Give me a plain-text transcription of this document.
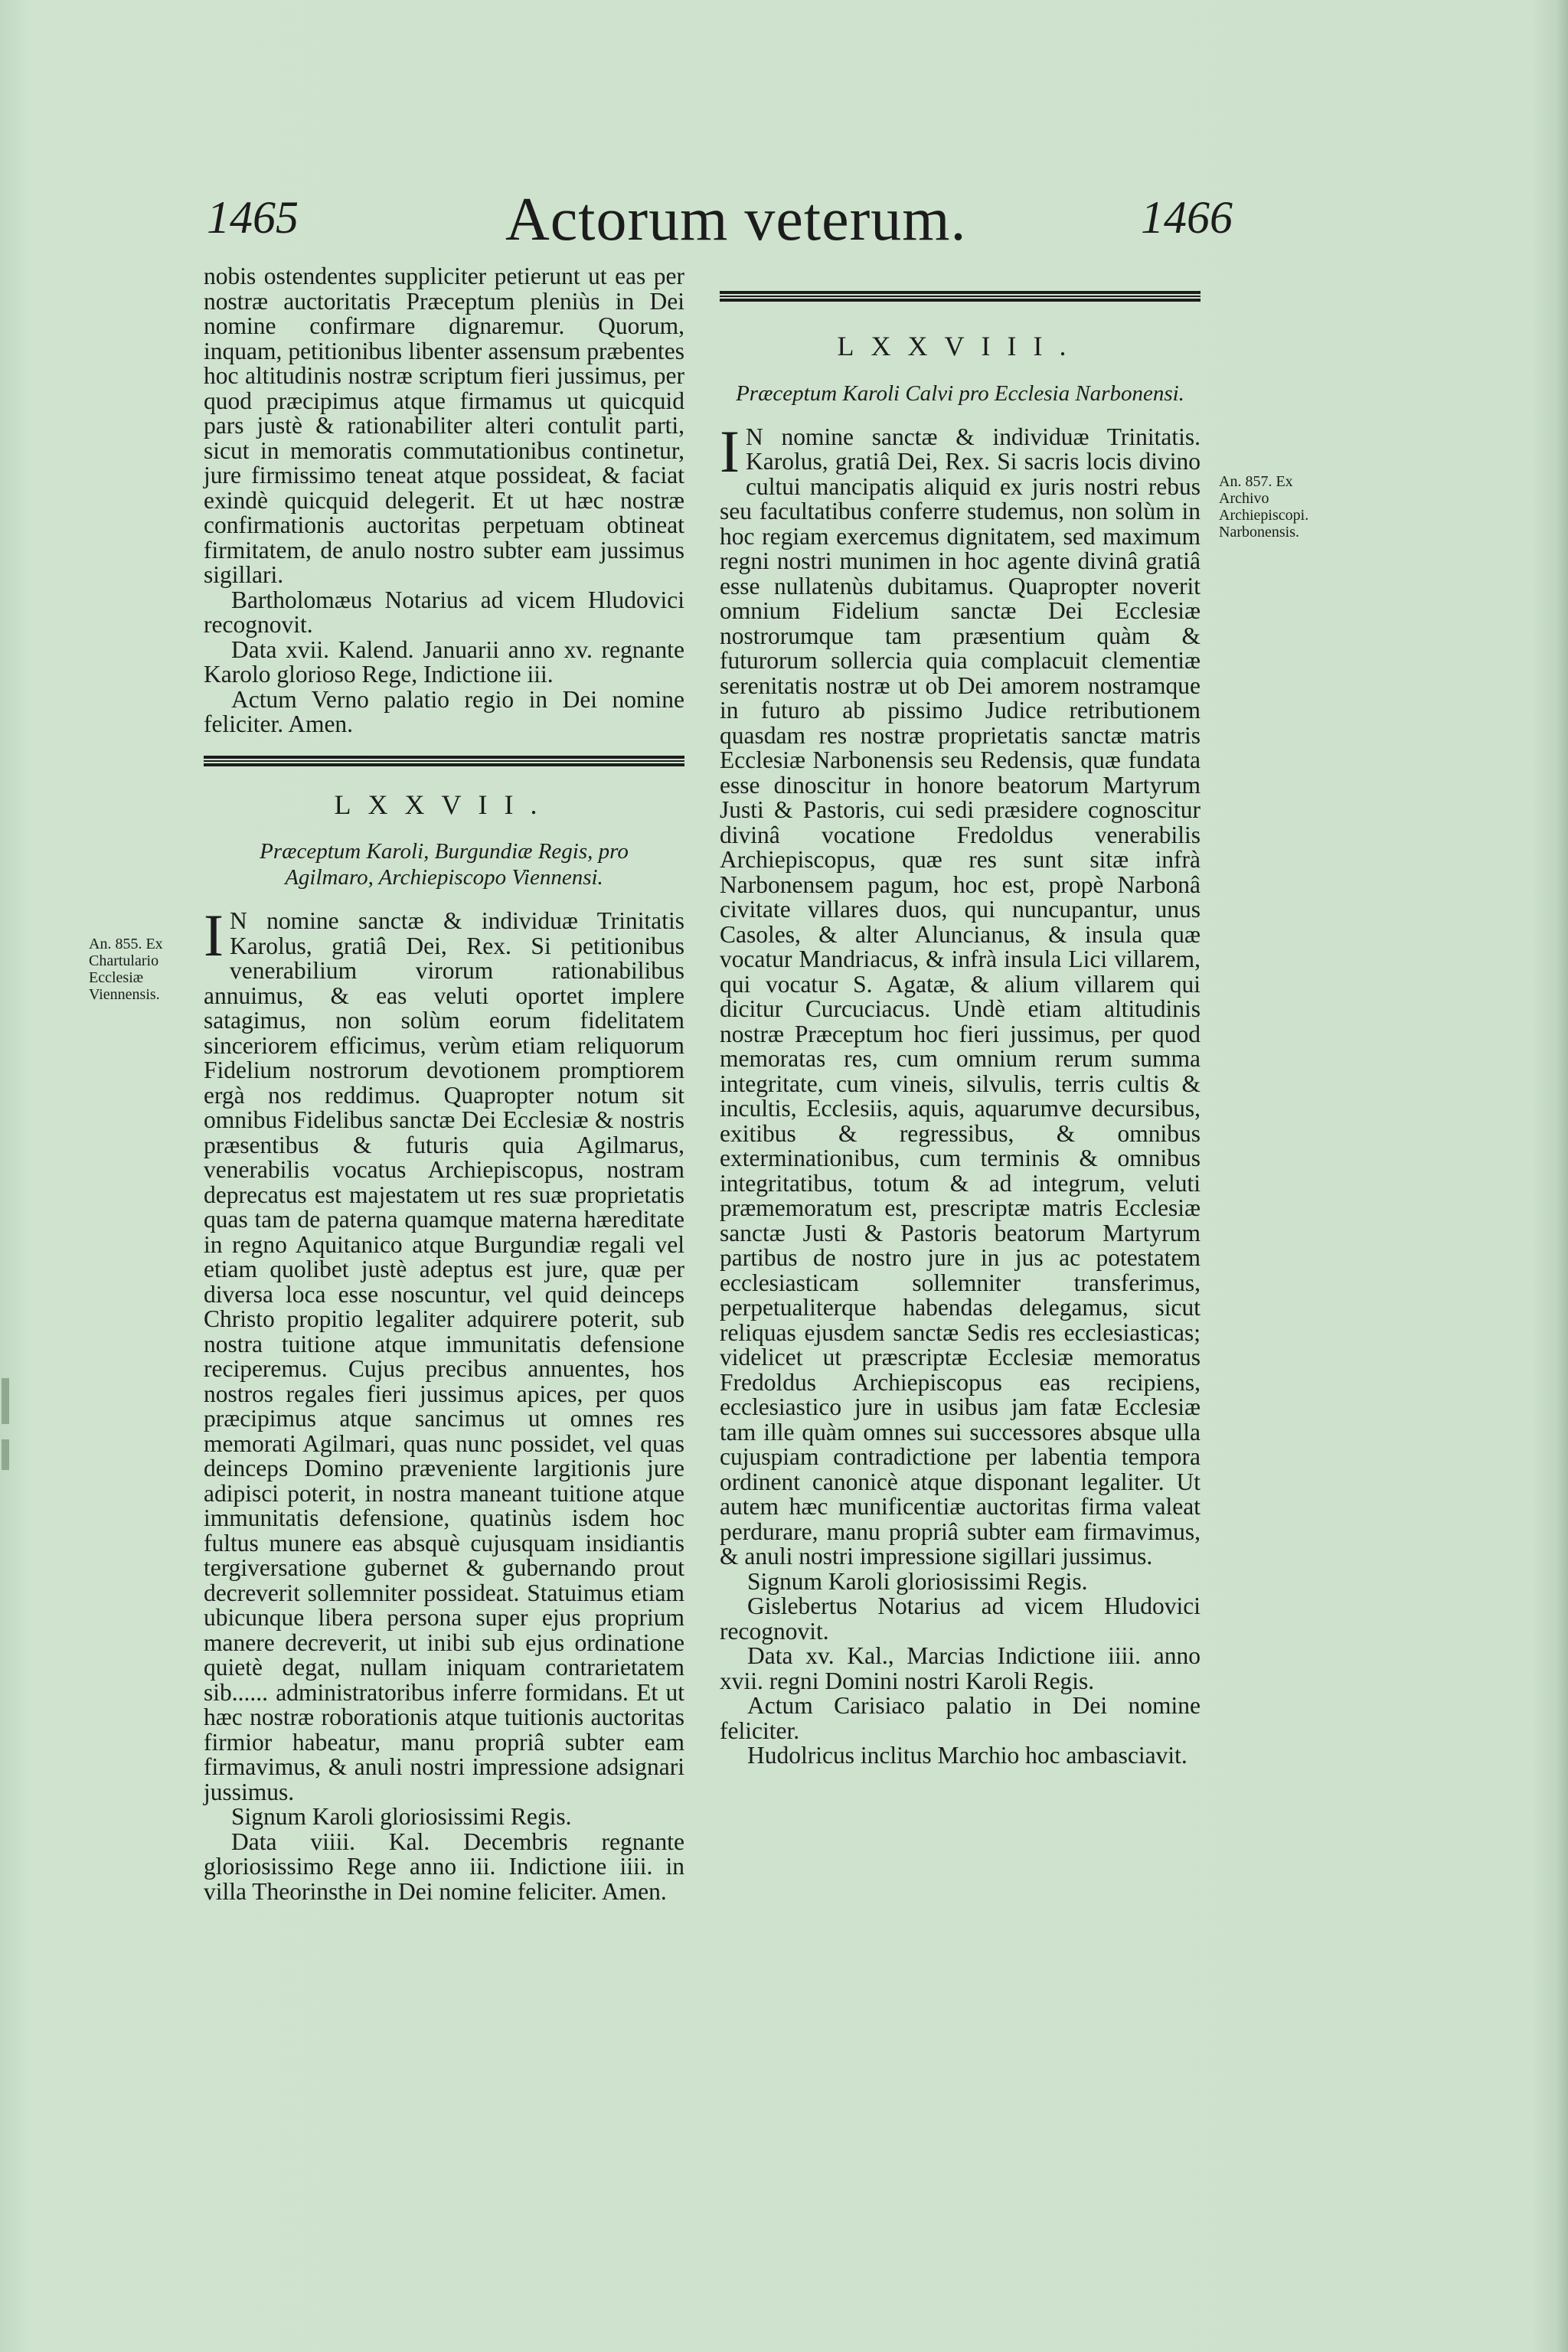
1465	Actorum veterum.	1466

nobis ostendentes suppliciter petierunt ut eas per nostræ auctoritatis Præceptum pleniùs in Dei nomine confirmare dignaremur. Quorum, inquam, petitionibus libenter assensum præbentes hoc altitudinis nostræ scriptum fieri jussimus, per quod præcipimus atque firmamus ut quicquid pars justè & rationabiliter alteri contulit parti, sicut in memoratis commutationibus continetur, jure firmissimo teneat atque possideat, & faciat exindè quicquid delegerit. Et ut hæc nostræ confirmationis auctoritas perpetuam obtineat firmitatem, de anulo nostro subter eam jussimus sigillari.

Bartholomæus Notarius ad vicem Hludovici recognovit.

Data xvii. Kalend. Januarii anno xv. regnante Karolo glorioso Rege, Indictione iii.

Actum Verno palatio regio in Dei nomine feliciter. Amen.

LXXVII.
Præceptum Karoli, Burgundiæ Regis, pro Agilmaro, Archiepiscopo Viennensi.

I N nomine sanctæ & individuæ Trinitatis Karolus, gratiâ Dei, Rex. Si petitionibus venerabilium virorum rationabilibus annuimus, & eas veluti oportet implere satagimus, non solùm eorum fidelitatem sinceriorem efficimus, verùm etiam reliquorum Fidelium nostrorum devotionem promptiorem ergà nos reddimus. Quapropter notum sit omnibus Fidelibus sanctæ Dei Ecclesiæ & nostris præsentibus & futuris quia Agilmarus, venerabilis vocatus Archiepiscopus, nostram deprecatus est majestatem ut res suæ proprietatis quas tam de paterna quamque materna hæreditate in regno Aquitanico atque Burgundiæ regali vel etiam quolibet justè adeptus est jure, quæ per diversa loca esse noscuntur, vel quid deinceps Christo propitio legaliter adquirere poterit, sub nostra tuitione atque immunitatis defensione reciperemus. Cujus precibus annuentes, hos nostros regales fieri jussimus apices, per quos præcipimus atque sancimus ut omnes res memorati Agilmari, quas nunc possidet, vel quas deinceps Domino præveniente largitionis jure adipisci poterit, in nostra maneant tuitione atque immunitatis defensione, quatinùs isdem hoc fultus munere eas absquè cujusquam insidiantis tergiversatione gubernet & gubernando prout decreverit sollemniter possideat. Statuimus etiam ubicunque libera persona super ejus proprium manere decreverit, ut inibi sub ejus ordinatione quietè degat, nullam iniquam contrarietatem sib...... administratoribus inferre formidans. Et ut hæc nostræ roborationis atque tuitionis auctoritas firmior habeatur, manu propriâ subter eam firmavimus, & anuli nostri impressione adsignari jussimus.

Signum Karoli gloriosissimi Regis.

Data viiii. Kal. Decembris regnante gloriosissimo Rege anno iii. Indictione iiii. in villa Theorinsthe in Dei nomine feliciter. Amen.

An. 855. Ex Chartulario Ecclesiæ Viennensis.
LXXVIII.
Præceptum Karoli Calvi pro Ecclesia Narbonensi.

I N nomine sanctæ & individuæ Trinitatis. Karolus, gratiâ Dei, Rex. Si sacris locis divino cultui mancipatis aliquid ex juris nostri rebus seu facultatibus conferre studemus, non solùm in hoc regiam exercemus dignitatem, sed maximum regni nostri munimen in hoc agente divinâ gratiâ esse nullatenùs dubitamus. Quapropter noverit omnium Fidelium sanctæ Dei Ecclesiæ nostrorumque tam præsentium quàm & futurorum sollercia quia complacuit clementiæ serenitatis nostræ ut ob Dei amorem nostramque in futuro ab pissimo Judice retributionem quasdam res nostræ proprietatis sanctæ matris Ecclesiæ Narbonensis seu Redensis, quæ fundata esse dinoscitur in honore beatorum Martyrum Justi & Pastoris, cui sedi præsidere cognoscitur divinâ vocatione Fredoldus venerabilis Archiepiscopus, quæ res sunt sitæ infrà Narbonensem pagum, hoc est, propè Narbonâ civitate villares duos, qui nuncupantur, unus Casoles, & alter Aluncianus, & insula quæ vocatur Mandriacus, & infrà insula Lici villarem, qui vocatur S. Agatæ, & alium villarem qui dicitur Curcuciacus. Undè etiam altitudinis nostræ Præceptum hoc fieri jussimus, per quod memoratas res, cum omnium rerum summa integritate, cum vineis, silvulis, terris cultis & incultis, Ecclesiis, aquis, aquarumve decursibus, exitibus & regressibus, & omnibus exterminationibus, cum terminis & omnibus integritatibus, totum & ad integrum, veluti præmemoratum est, prescriptæ matris Ecclesiæ sanctæ Justi & Pastoris beatorum Martyrum partibus de nostro jure in jus ac potestatem ecclesiasticam sollemniter transferimus, perpetualiterque habendas delegamus, sicut reliquas ejusdem sanctæ Sedis res ecclesiasticas; videlicet ut præscriptæ Ecclesiæ memoratus Fredoldus Archiepiscopus eas recipiens, ecclesiastico jure in usibus jam fatæ Ecclesiæ tam ille quàm omnes sui successores absque ulla cujuspiam contradictione per labentia tempora ordinent canonicè atque disponant legaliter. Ut autem hæc munificentiæ auctoritas firma valeat perdurare, manu propriâ subter eam firmavimus, & anuli nostri impressione sigillari jussimus.

Signum Karoli gloriosissimi Regis.

Gislebertus Notarius ad vicem Hludovici recognovit.

Data xv. Kal., Marcias Indictione iiii. anno xvii. regni Domini nostri Karoli Regis.

Actum Carisiaco palatio in Dei nomine feliciter.

Hudolricus inclitus Marchio hoc ambasciavit.

An. 857. Ex Archivo Archiepiscopi. Narbonensis.
